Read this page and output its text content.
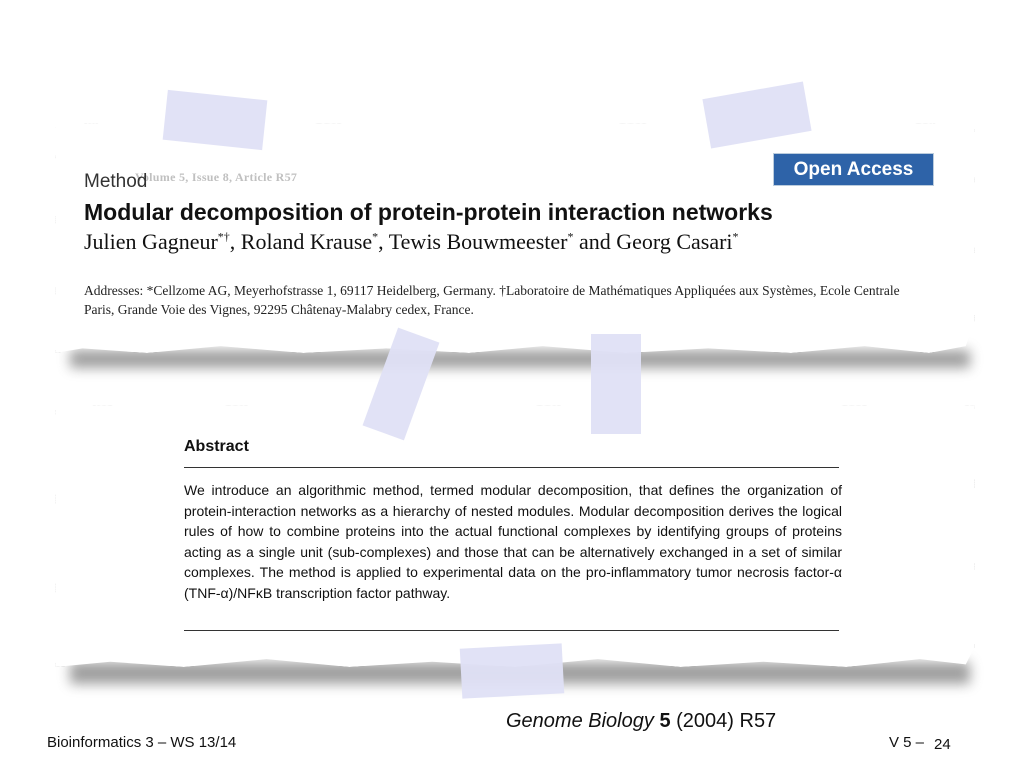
Volume 5, Issue 8, Article R57
Method
Open Access
Modular decomposition of protein-protein interaction networks
Julien Gagneur*†, Roland Krause*, Tewis Bouwmeester* and Georg Casari*
Addresses: *Cellzome AG, Meyerhofstrasse 1, 69117 Heidelberg, Germany. †Laboratoire de Mathématiques Appliquées aux Systèmes, Ecole Centrale Paris, Grande Voie des Vignes, 92295 Châtenay-Malabry cedex, France.
Abstract
We introduce an algorithmic method, termed modular decomposition, that defines the organization of protein-interaction networks as a hierarchy of nested modules. Modular decomposition derives the logical rules of how to combine proteins into the actual functional complexes by identifying groups of proteins acting as a single unit (sub-complexes) and those that can be alternatively exchanged in a set of similar complexes. The method is applied to experimental data on the pro-inflammatory tumor necrosis factor-α (TNF-α)/NFκB transcription factor pathway.
Genome Biology 5 (2004) R57
Bioinformatics 3 – WS 13/14	V 5 – 24
